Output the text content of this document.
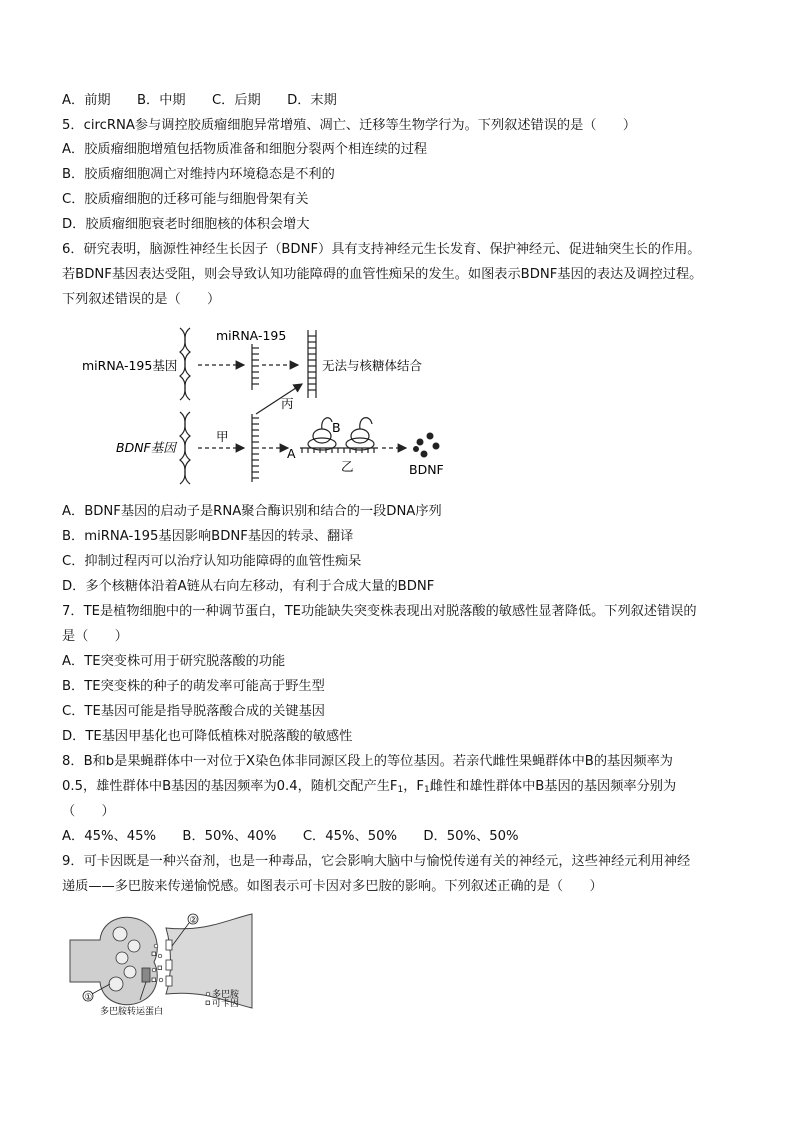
A．前期　　B．中期　　C．后期　　D．末期
5．circRNA参与调控胶质瘤细胞异常增殖、凋亡、迁移等生物学行为。下列叙述错误的是（　　）
A．胶质瘤细胞增殖包括物质准备和细胞分裂两个相连续的过程
B．胶质瘤细胞凋亡对维持内环境稳态是不利的
C．胶质瘤细胞的迁移可能与细胞骨架有关
D．胶质瘤细胞衰老时细胞核的体积会增大
6．研究表明，脑源性神经生长因子（BDNF）具有支持神经元生长发育、保护神经元、促进轴突生长的作用。
若BDNF基因表达受阻，则会导致认知功能障碍的血管性痴呆的发生。如图表示BDNF基因的表达及调控过程。
下列叙述错误的是（　　）
miRNA-195基因
miRNA-195
无法与核糖体结合
丙
BDNF基因
甲
A
B
乙	BDNF
A．BDNF基因的启动子是RNA聚合酶识别和结合的一段DNA序列
B．miRNA-195基因影响BDNF基因的转录、翻译
C．抑制过程丙可以治疗认知功能障碍的血管性痴呆
D．多个核糖体沿着A链从右向左移动，有利于合成大量的BDNF
7．TE是植物细胞中的一种调节蛋白，TE功能缺失突变株表现出对脱落酸的敏感性显著降低。下列叙述错误的
是（　　）
A．TE突变株可用于研究脱落酸的功能
B．TE突变株的种子的萌发率可能高于野生型
C．TE基因可能是指导脱落酸合成的关键基因
D．TE基因甲基化也可降低植株对脱落酸的敏感性
8．B和b是果蝇群体中一对位于X染色体非同源区段上的等位基因。若亲代雌性果蝇群体中B的基因频率为
0.5，雄性群体中B基因的基因频率为0.4，随机交配产生$F_1$，$F_1$雌性和雄性群体中B基因的基因频率分别为
（　　）
A．45%、45%　　B．50%、40%　　C．45%、50%　　D．50%、50%
9．可卡因既是一种兴奋剂，也是一种毒品，它会影响大脑中与愉悦传递有关的神经元，这些神经元利用神经
递质——多巴胺来传递愉悦感。如图表示可卡因对多巴胺的影响。下列叙述正确的是（　　）
②
①
多巴胺转运蛋白
多巴胺
可卡因
